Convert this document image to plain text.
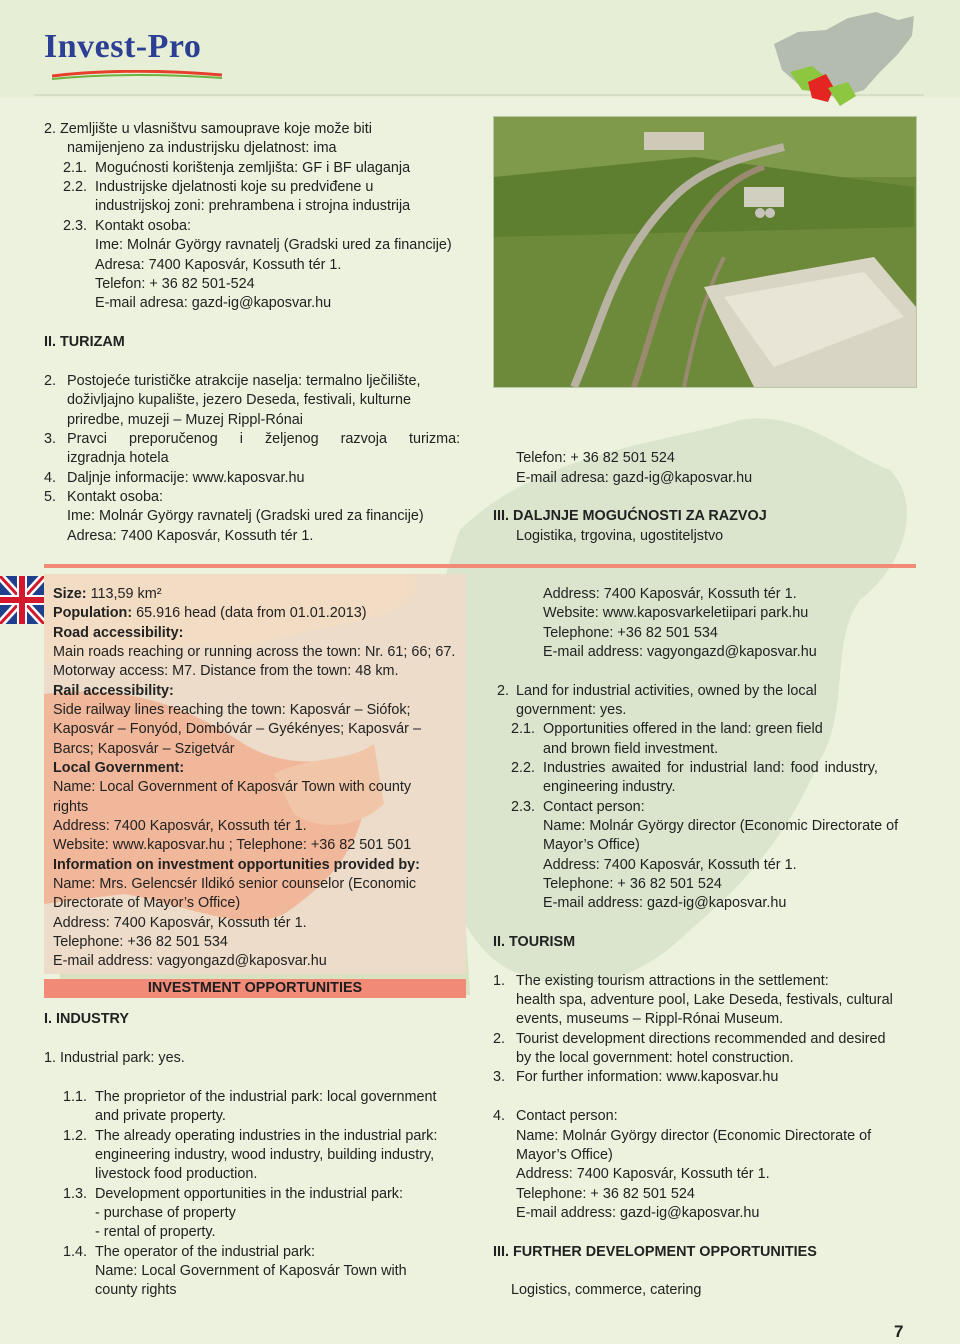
Invest-Pro
2. Zemljište u vlasništvu samouprave koje može biti
namijenjeno za industrijsku djelatnost: ima
2.1. Mogućnosti korištenja zemljišta: GF i BF ulaganja
2.2. Industrijske djelatnosti koje su predviđene u
industrijskoj zoni: prehrambena i strojna industrija
2.3. Kontakt osoba:
Ime: Molnár György ravnatelj (Gradski ured za financije)
Adresa: 7400 Kaposvár, Kossuth tér 1.
Telefon: + 36 82 501-524
E-mail adresa: gazd-ig@kaposvar.hu
II. TURIZAM
2. Postojeće turističke atrakcije naselja: termalno lječilište,
doživljajno kupalište, jezero Deseda, festivali, kulturne
priredbe, muzeji – Muzej Rippl-Rónai
3. Pravci preporučenog i željenog razvoja turizma:
izgradnja hotela
4. Daljnje informacije: www.kaposvar.hu
5. Kontakt osoba:
Ime: Molnár György ravnatelj (Gradski ured za financije)
Adresa: 7400 Kaposvár, Kossuth tér 1.
Telefon: + 36 82 501 524
E-mail adresa: gazd-ig@kaposvar.hu
III. DALJNJE MOGUĆNOSTI ZA RAZVOJ
Logistika, trgovina, ugostiteljstvo
Size: 113,59 km²
Population: 65.916 head (data from 01.01.2013)
Road accessibility:
Main roads reaching or running across the town: Nr. 61; 66; 67.
Motorway access: M7. Distance from the town: 48 km.
Rail accessibility:
Side railway lines reaching the town: Kaposvár – Siófok;
Kaposvár – Fonyód, Dombóvár – Gyékényes; Kaposvár –
Barcs; Kaposvár – Szigetvár
Local Government:
Name: Local Government of Kaposvár Town with county
rights
Address: 7400 Kaposvár, Kossuth tér 1.
Website: www.kaposvar.hu ; Telephone: +36 82 501 501
Information on investment opportunities provided by:
Name: Mrs. Gelencsér Ildikó senior counselor (Economic
Directorate of Mayor’s Office)
Address: 7400 Kaposvár, Kossuth tér 1.
Telephone: +36 82 501 534
E-mail address: vagyongazd@kaposvar.hu
INVESTMENT OPPORTUNITIES
I. INDUSTRY
1. Industrial park: yes.
1.1. The proprietor of the industrial park: local government
and private property.
1.2. The already operating industries in the industrial park:
engineering industry, wood industry, building industry,
livestock food production.
1.3. Development opportunities in the industrial park:
- purchase of property
- rental of property.
1.4. The operator of the industrial park:
Name: Local Government of Kaposvár Town with
county rights
Address: 7400 Kaposvár, Kossuth tér 1.
Website: www.kaposvarkeletiipari park.hu
Telephone: +36 82 501 534
E-mail address: vagyongazd@kaposvar.hu
2. Land for industrial activities, owned by the local
government: yes.
2.1. Opportunities offered in the land: green field
and brown field investment.
2.2. Industries awaited for industrial land: food industry,
engineering industry.
2.3. Contact person:
Name: Molnár György director (Economic Directorate of
Mayor’s Office)
Address: 7400 Kaposvár, Kossuth tér 1.
Telephone: + 36 82 501 524
E-mail address: gazd-ig@kaposvar.hu
II. TOURISM
1. The existing tourism attractions in the settlement:
health spa, adventure pool, Lake Deseda, festivals, cultural
events, museums – Rippl-Rónai Museum.
2. Tourist development directions recommended and desired
by the local government: hotel construction.
3. For further information: www.kaposvar.hu
4. Contact person:
Name: Molnár György director (Economic Directorate of
Mayor’s Office)
Address: 7400 Kaposvár, Kossuth tér 1.
Telephone: + 36 82 501 524
E-mail address: gazd-ig@kaposvar.hu
III. FURTHER DEVELOPMENT OPPORTUNITIES
Logistics, commerce, catering
7
